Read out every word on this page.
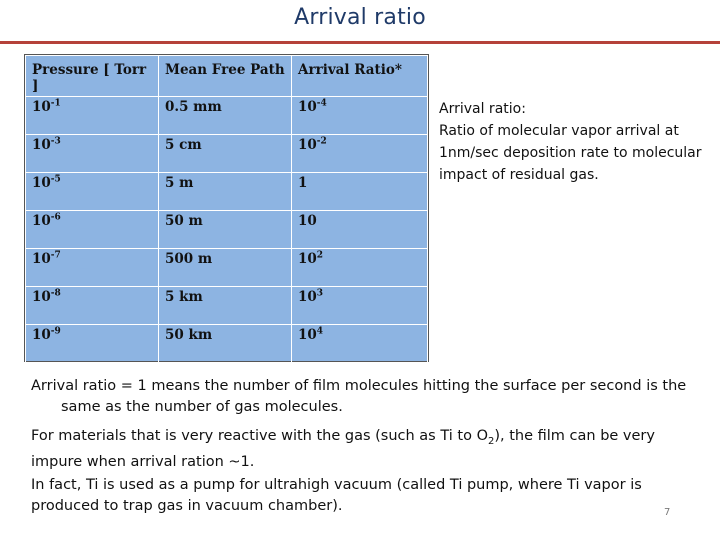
Arrival ratio
Pressure [ Torr ]	Mean Free Path	Arrival Ratio*
$10^{-1}$	0.5 mm	$10^{-4}$
$10^{-3}$	5 cm	$10^{-2}$
$10^{-5}$	5 m	1
$10^{-6}$	50 m	10
$10^{-7}$	500 m	$10^2$
$10^{-8}$	5 km	$10^3$
$10^{-9}$	50 km	$10^4$
Arrival ratio:
Ratio of molecular vapor arrival at 1nm/sec deposition rate to molecular impact of residual gas.
Arrival ratio = 1 means the number of film molecules hitting the surface per second is the same as the number of gas molecules.
For materials that is very reactive with the gas (such as Ti to $O_2$), the film can be very impure when arrival ration ~1.
In fact, Ti is used as a pump for ultrahigh vacuum (called Ti pump, where Ti vapor is produced to trap gas in vacuum chamber).	7
